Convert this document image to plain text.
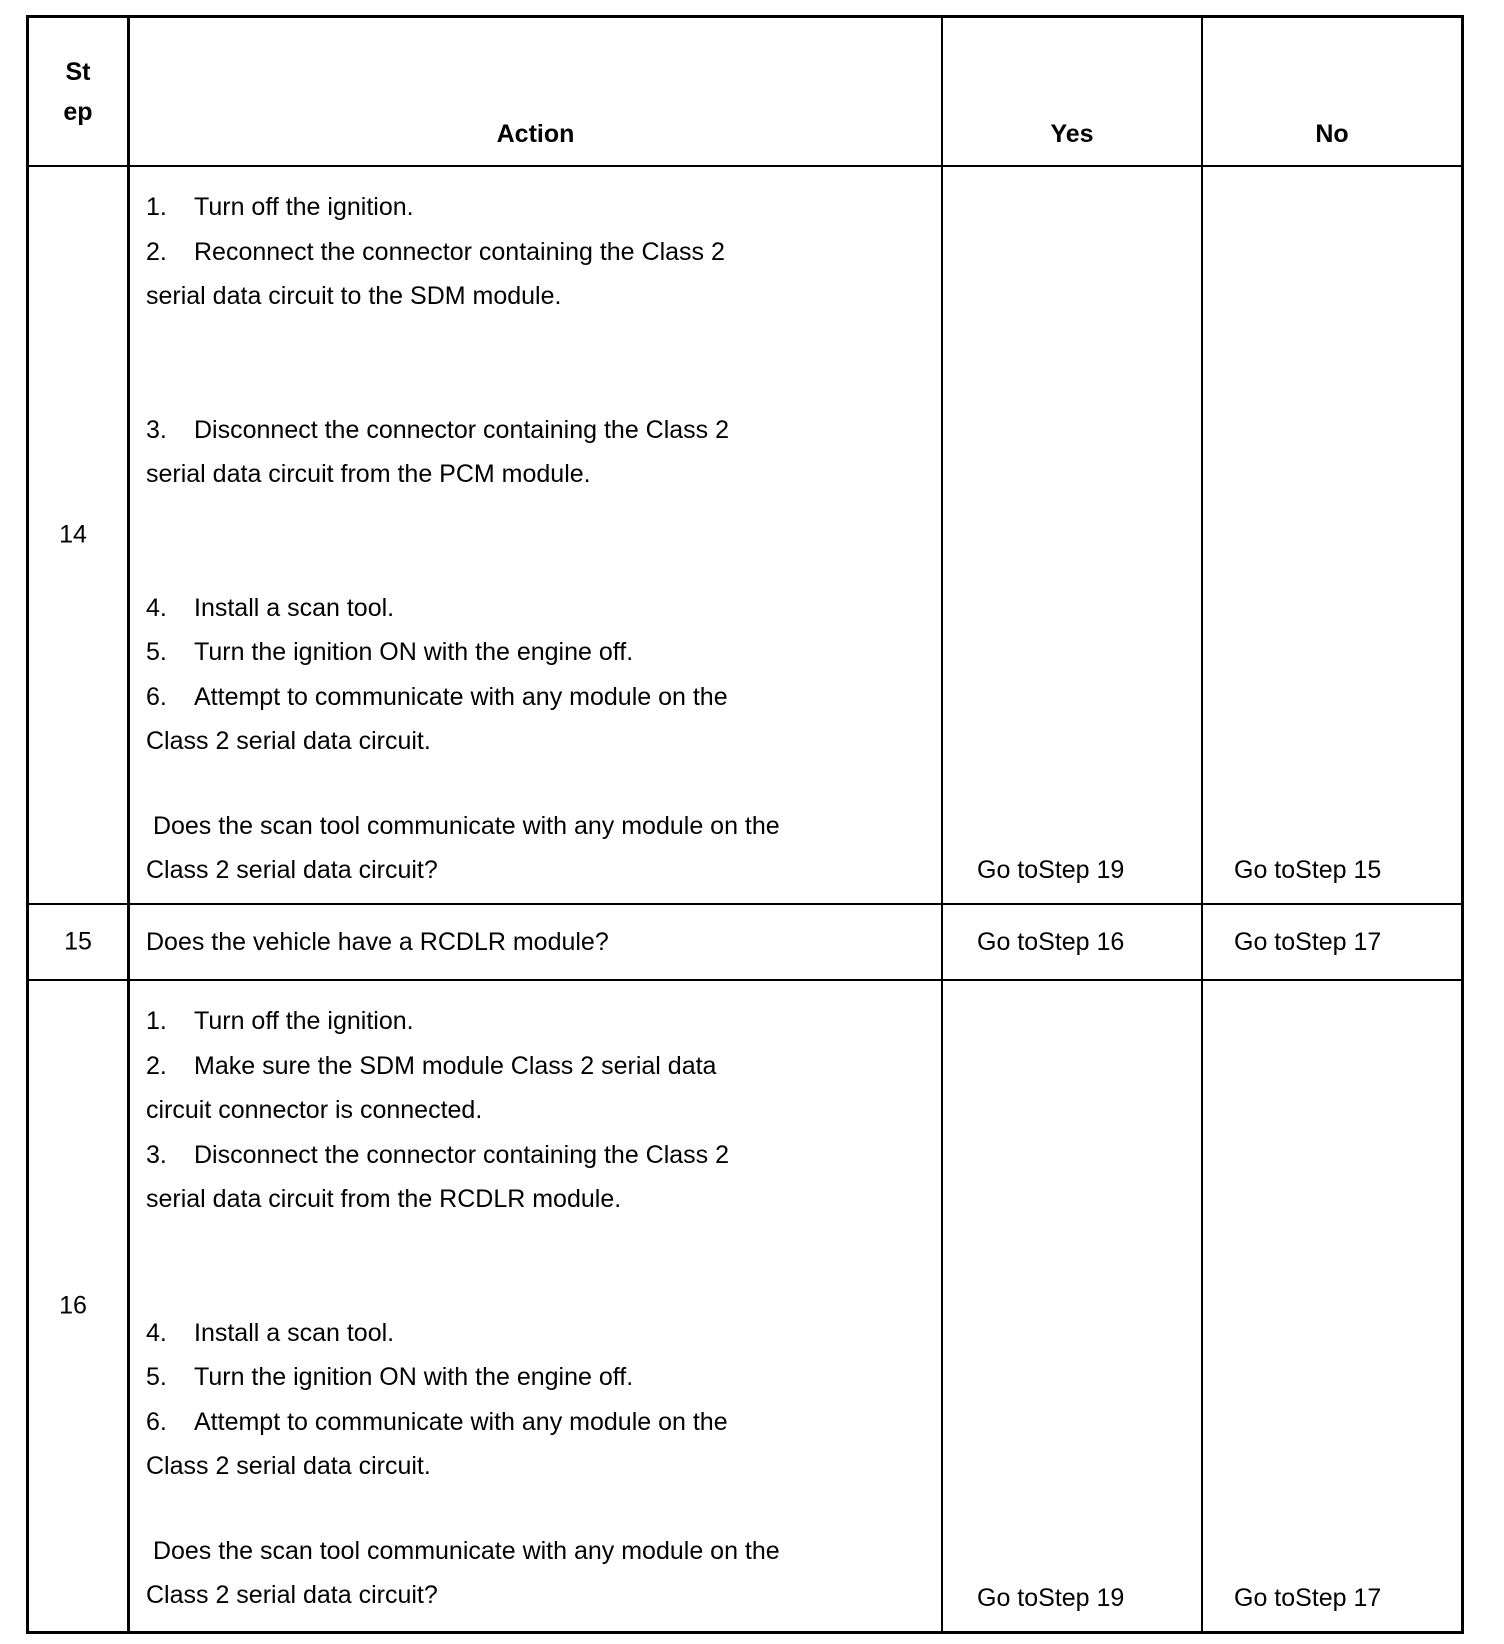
St
ep
Action	Yes	No
14
1. Turn off the ignition.
2. Reconnect the connector containing the Class 2
serial data circuit to the SDM module.
3. Disconnect the connector containing the Class 2
serial data circuit from the PCM module.
4. Install a scan tool.
5. Turn the ignition ON with the engine off.
6. Attempt to communicate with any module on the
Class 2 serial data circuit.
Does the scan tool communicate with any module on the
Class 2 serial data circuit?	Go toStep 19	Go toStep 15
15	Does the vehicle have a RCDLR module?	Go toStep 16	Go toStep 17
16
1. Turn off the ignition.
2. Make sure the SDM module Class 2 serial data
circuit connector is connected.
3. Disconnect the connector containing the Class 2
serial data circuit from the RCDLR module.
4. Install a scan tool.
5. Turn the ignition ON with the engine off.
6. Attempt to communicate with any module on the
Class 2 serial data circuit.
Does the scan tool communicate with any module on the
Class 2 serial data circuit?	Go toStep 19	Go toStep 17
